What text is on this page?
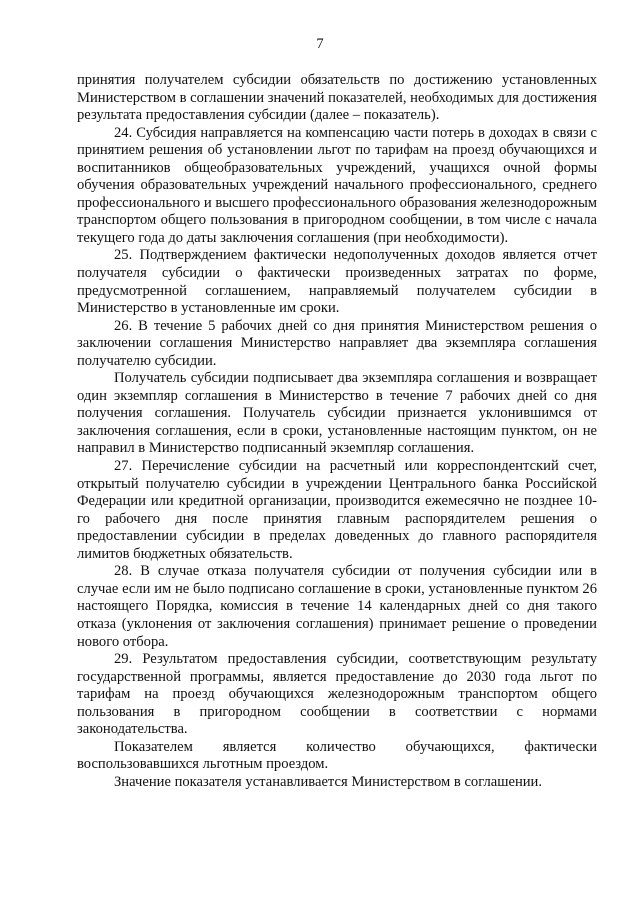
7

принятия получателем субсидии обязательств по достижению установленных Министерством в соглашении значений показателей, необходимых для достижения результата предоставления субсидии (далее – показатель).

24. Субсидия направляется на компенсацию части потерь в доходах в связи с принятием решения об установлении льгот по тарифам на проезд обучающихся и воспитанников общеобразовательных учреждений, учащихся очной формы обучения образовательных учреждений начального профессионального, среднего профессионального и высшего профессионального образования железнодорожным транспортом общего пользования в пригородном сообщении, в том числе с начала текущего года до даты заключения соглашения (при необходимости).

25. Подтверждением фактически недополученных доходов является отчет получателя субсидии о фактически произведенных затратах по форме, предусмотренной соглашением, направляемый получателем субсидии в Министерство в установленные им сроки.

26. В течение 5 рабочих дней со дня принятия Министерством решения о заключении соглашения Министерство направляет два экземпляра соглашения получателю субсидии.

Получатель субсидии подписывает два экземпляра соглашения и возвращает один экземпляр соглашения в Министерство в течение 7 рабочих дней со дня получения соглашения. Получатель субсидии признается уклонившимся от заключения соглашения, если в сроки, установленные настоящим пунктом, он не направил в Министерство подписанный экземпляр соглашения.

27. Перечисление субсидии на расчетный или корреспондентский счет, открытый получателю субсидии в учреждении Центрального банка Российской Федерации или кредитной организации, производится ежемесячно не позднее 10-го рабочего дня после принятия главным распорядителем решения о предоставлении субсидии в пределах доведенных до главного распорядителя лимитов бюджетных обязательств.

28. В случае отказа получателя субсидии от получения субсидии или в случае если им не было подписано соглашение в сроки, установленные пунктом 26 настоящего Порядка, комиссия в течение 14 календарных дней со дня такого отказа (уклонения от заключения соглашения) принимает решение о проведении нового отбора.

29. Результатом предоставления субсидии, соответствующим результату государственной программы, является предоставление до 2030 года льгот по тарифам на проезд обучающихся железнодорожным транспортом общего пользования в пригородном сообщении в соответствии с нормами законодательства.

Показателем является количество обучающихся, фактически воспользовавшихся льготным проездом.

Значение показателя устанавливается Министерством в соглашении.
